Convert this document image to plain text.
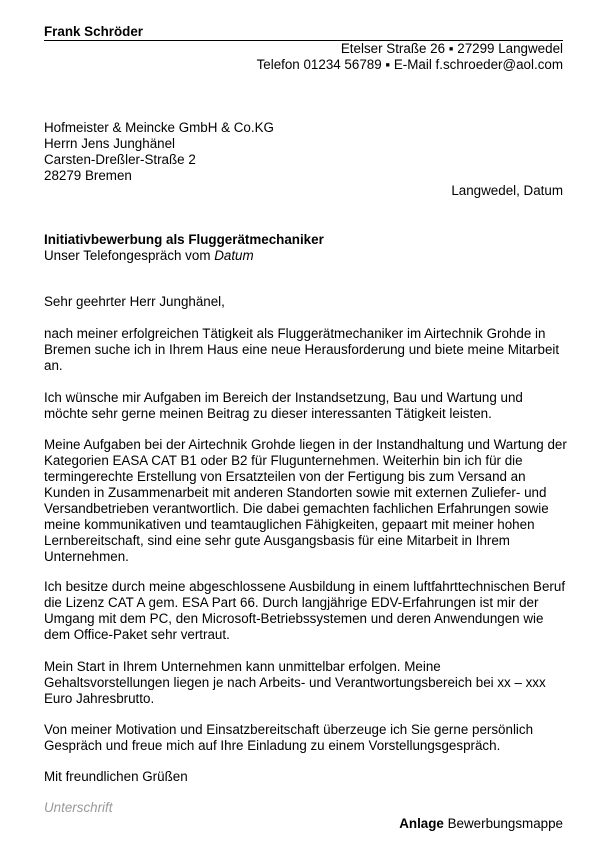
Frank Schröder
Etelser Straße 26 ▪ 27299 Langwedel
Telefon 01234 56789 ▪ E-Mail f.schroeder@aol.com
Hofmeister & Meincke GmbH & Co.KG
Herrn Jens Junghänel
Carsten-Dreßler-Straße 2
28279 Bremen
Langwedel, Datum
Initiativbewerbung als Fluggerätmechaniker
Unser Telefongespräch vom Datum
Sehr geehrter Herr Junghänel,

nach meiner erfolgreichen Tätigkeit als Fluggerätmechaniker im Airtechnik Grohde in Bremen suche ich in Ihrem Haus eine neue Herausforderung und biete meine Mitarbeit an.

Ich wünsche mir Aufgaben im Bereich der Instandsetzung, Bau und Wartung und möchte sehr gerne meinen Beitrag zu dieser interessanten Tätigkeit leisten.

Meine Aufgaben bei der Airtechnik Grohde liegen in der Instandhaltung und Wartung der Kategorien EASA CAT B1 oder B2 für Flugunternehmen. Weiterhin bin ich für die termingerechte Erstellung von Ersatzteilen von der Fertigung bis zum Versand an Kunden in Zusammenarbeit mit anderen Standorten sowie mit externen Zuliefer- und Versandbetrieben verantwortlich. Die dabei gemachten fachlichen Erfahrungen sowie meine kommunikativen und teamtauglichen Fähigkeiten, gepaart mit meiner hohen Lernbereitschaft, sind eine sehr gute Ausgangsbasis für eine Mitarbeit in Ihrem Unternehmen.

Ich besitze durch meine abgeschlossene Ausbildung in einem luftfahrttechnischen Beruf die Lizenz CAT A gem. ESA Part 66. Durch langjährige EDV-Erfahrungen ist mir der Umgang mit dem PC, den Microsoft-Betriebssystemen und deren Anwendungen wie dem Office-Paket sehr vertraut.

Mein Start in Ihrem Unternehmen kann unmittelbar erfolgen. Meine Gehaltsvorstellungen liegen je nach Arbeits- und Verantwortungsbereich bei xx – xxx Euro Jahresbrutto.

Von meiner Motivation und Einsatzbereitschaft überzeuge ich Sie gerne persönlich Gespräch und freue mich auf Ihre Einladung zu einem Vorstellungsgespräch.

Mit freundlichen Grüßen
Unterschrift
Anlage Bewerbungsmappe
